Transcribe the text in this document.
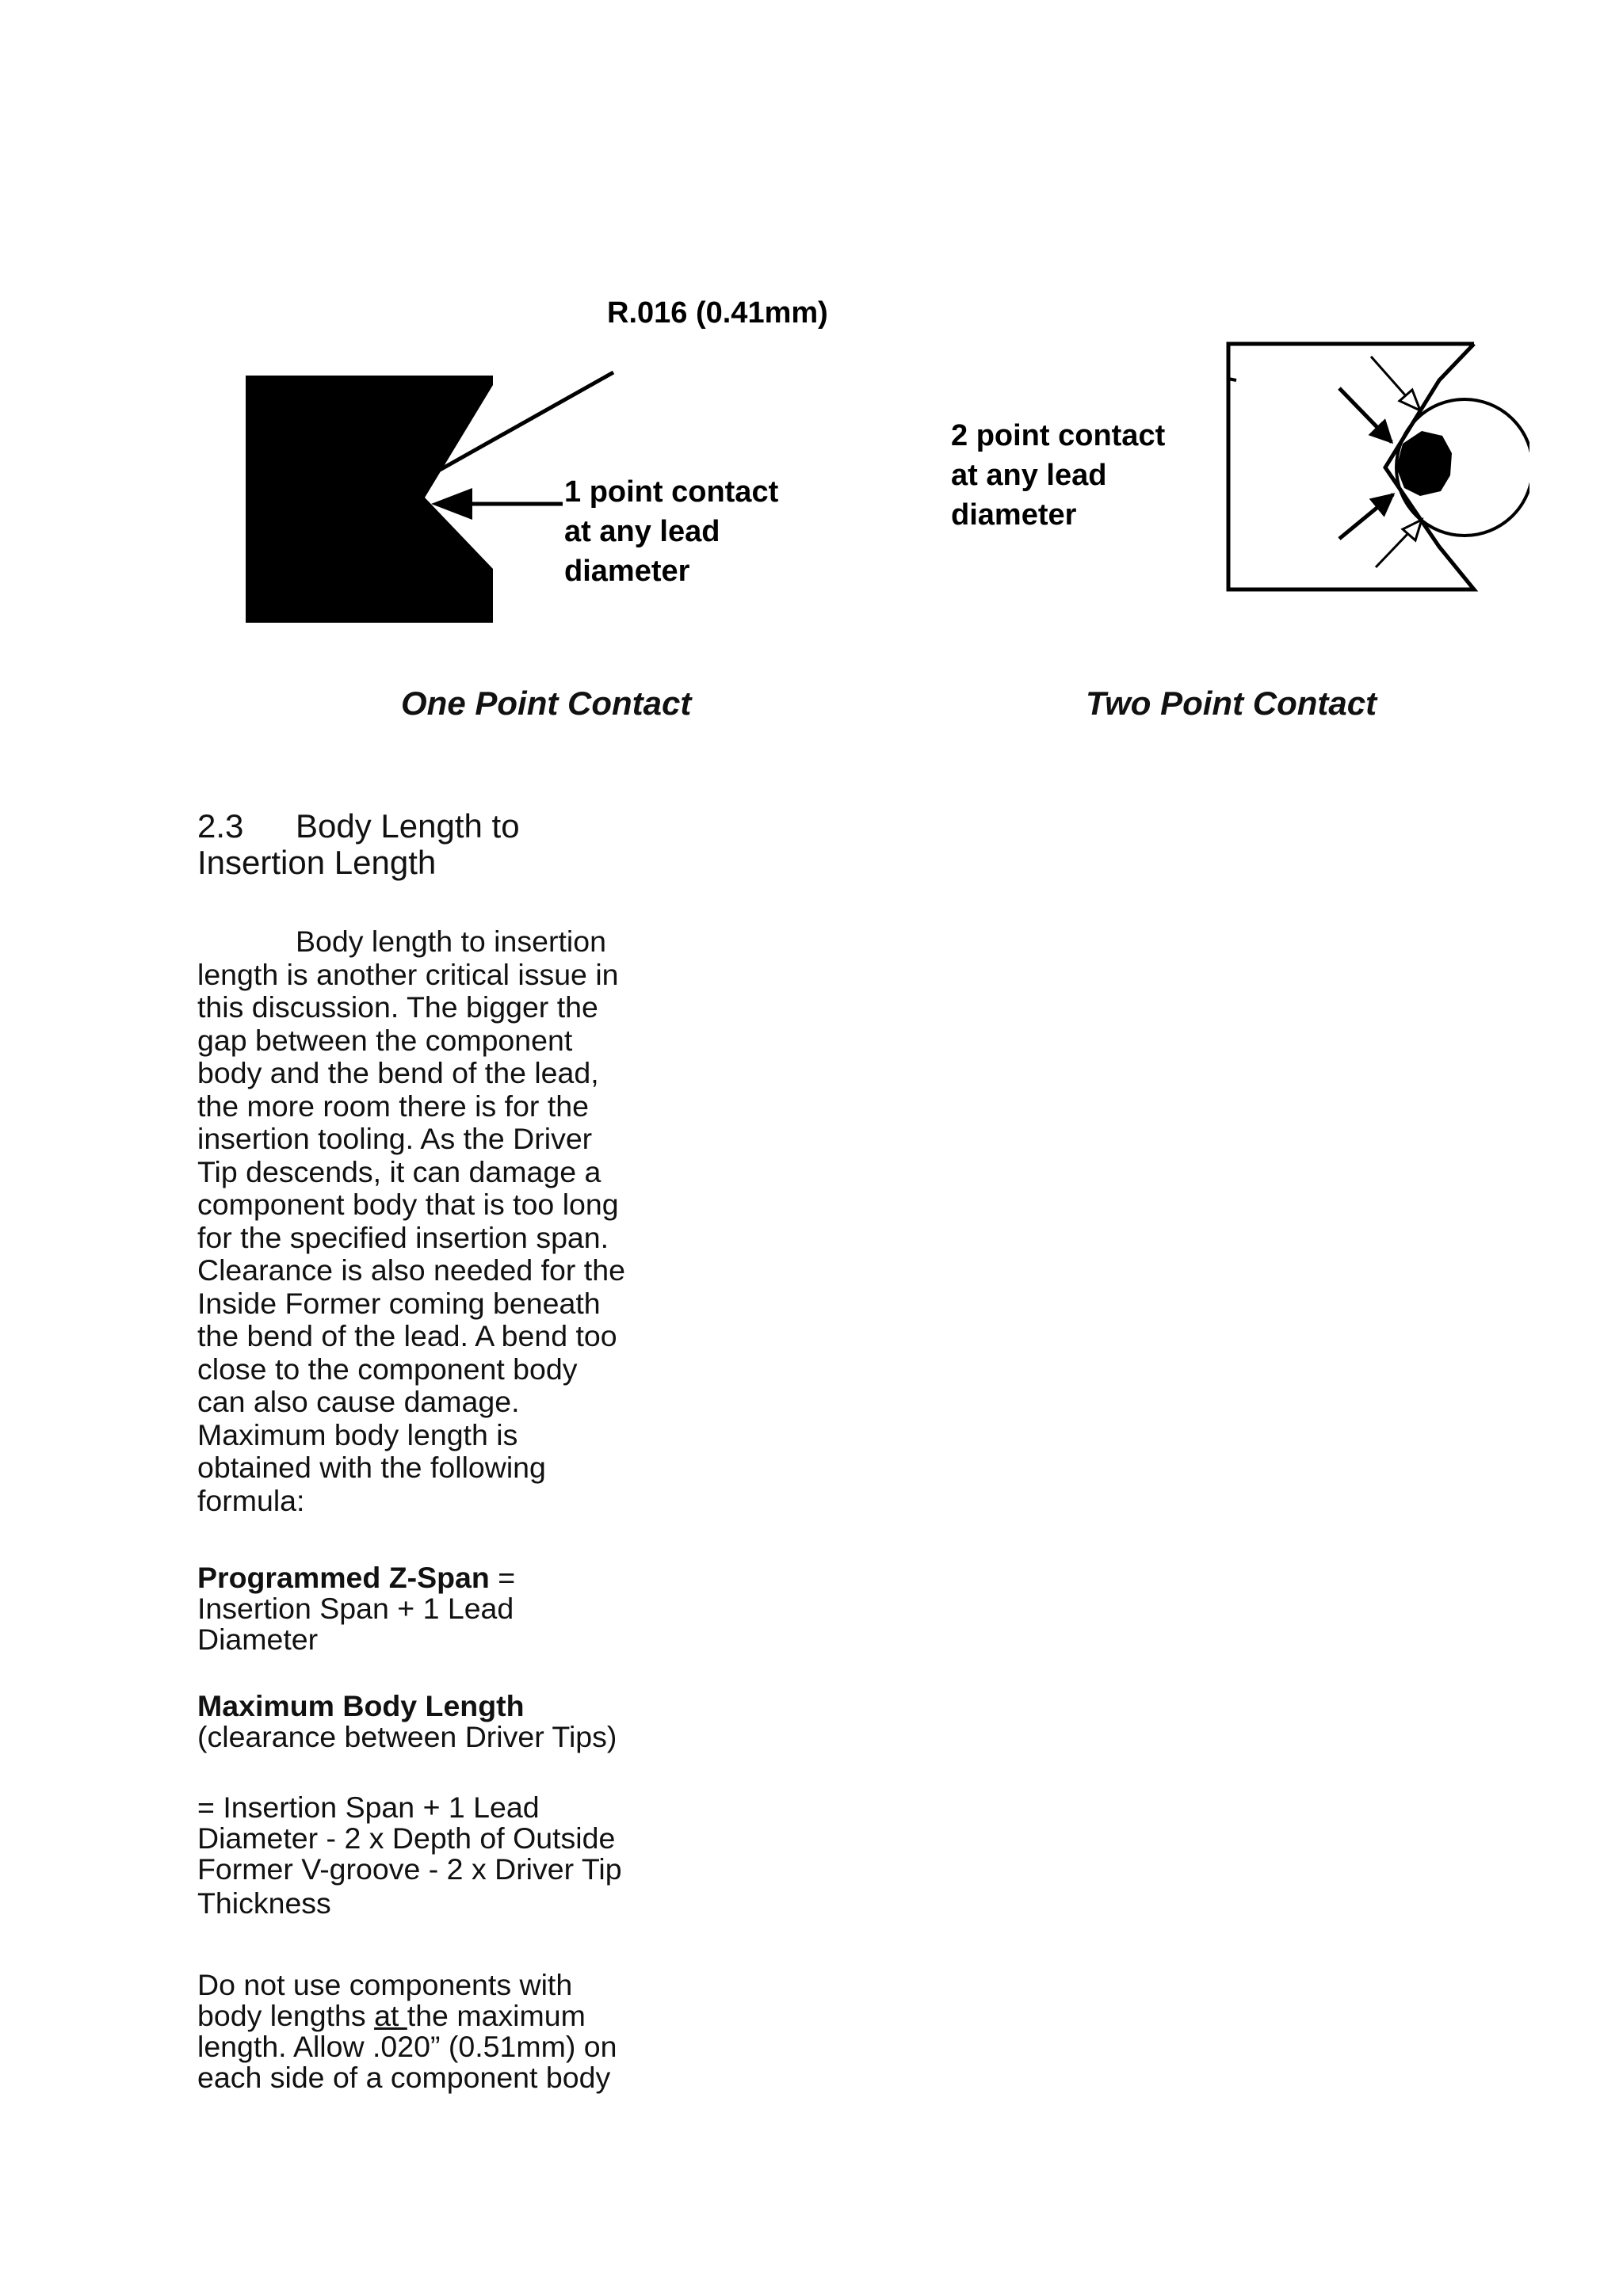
R.016 (0.41mm)
1 point contact
at any lead
diameter
One Point Contact
2 point contact
at any lead
diameter
Two Point Contact
2.3 Body Length to
Insertion Length
Body length to insertion
length is another critical issue in
this discussion. The bigger the
gap between the component
body and the bend of the lead,
the more room there is for the
insertion tooling. As the Driver
Tip descends, it can damage a
component body that is too long
for the specified insertion span.
Clearance is also needed for the
Inside Former coming beneath
the bend of the lead. A bend too
close to the component body
can also cause damage.
Maximum body length is
obtained with the following
formula:
Programmed Z-Span =
Insertion Span + 1 Lead
Diameter
Maximum Body Length
(clearance between Driver Tips)
= Insertion Span + 1 Lead
Diameter - 2 x Depth of Outside
Former V-groove - 2 x Driver Tip
Thickness
Do not use components with
body lengths at the maximum
length. Allow .020” (0.51mm) on
each side of a component body
